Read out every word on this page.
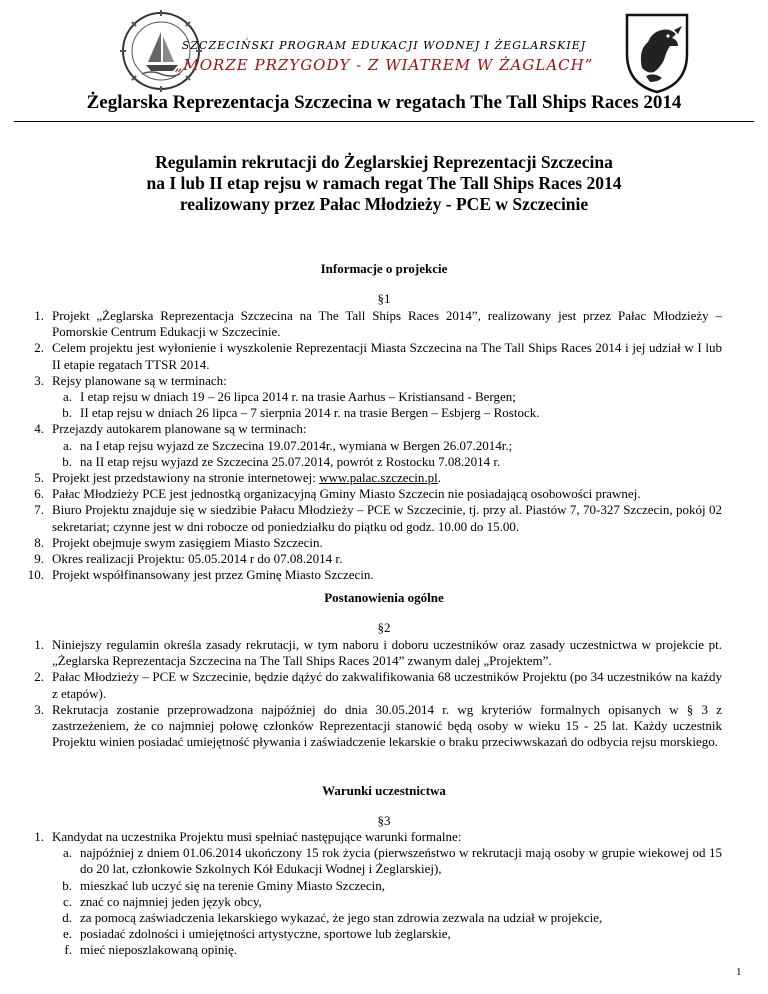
SZCZECIŃSKI PROGRAM EDUKACJI WODNEJ I ŻEGLARSKIEJ
„MORZE PRZYGODY - Z WIATREM W ŻAGLACH”
Żeglarska Reprezentacja Szczecina w regatach The Tall Ships Races 2014
Regulamin rekrutacji do Żeglarskiej Reprezentacji Szczecina
na I lub II etap rejsu w ramach regat The Tall Ships Races 2014
realizowany przez Pałac Młodzieży - PCE w Szczecinie
Informacje o projekcie
§1
1. Projekt „Żeglarska Reprezentacja Szczecina na The Tall Ships Races 2014”, realizowany jest przez Pałac Młodzieży – Pomorskie Centrum Edukacji w Szczecinie.
2. Celem projektu jest wyłonienie i wyszkolenie Reprezentacji Miasta Szczecina na The Tall Ships Races 2014 i jej udział w I lub II etapie regatach TTSR 2014.
3. Rejsy planowane są w terminach:
a. I etap rejsu w dniach 19 – 26 lipca 2014 r. na trasie Aarhus – Kristiansand - Bergen;
b. II etap rejsu w dniach 26 lipca – 7 sierpnia 2014 r. na trasie Bergen – Esbjerg – Rostock.
4. Przejazdy autokarem planowane są w terminach:
a. na I etap rejsu wyjazd ze Szczecina 19.07.2014r., wymiana w Bergen 26.07.2014r.;
b. na II etap rejsu wyjazd ze Szczecina 25.07.2014, powrót z Rostocku 7.08.2014 r.
5. Projekt jest przedstawiony na stronie internetowej: www.palac.szczecin.pl.
6. Pałac Młodzieży PCE jest jednostką organizacyjną Gminy Miasto Szczecin nie posiadającą osobowości prawnej.
7. Biuro Projektu znajduje się w siedzibie Pałacu Młodzieży – PCE w Szczecinie, tj. przy al. Piastów 7, 70-327 Szczecin, pokój 02 sekretariat; czynne jest w dni robocze od poniedziałku do piątku od godz. 10.00 do 15.00.
8. Projekt obejmuje swym zasięgiem Miasto Szczecin.
9. Okres realizacji Projektu: 05.05.2014 r do 07.08.2014 r.
10. Projekt współfinansowany jest przez Gminę Miasto Szczecin.
Postanowienia ogólne
§2
1. Niniejszy regulamin określa zasady rekrutacji, w tym naboru i doboru uczestników oraz zasady uczestnictwa w projekcie pt. „Żeglarska Reprezentacja Szczecina na The Tall Ships Races 2014” zwanym dalej „Projektem”.
2. Pałac Młodzieży – PCE w Szczecinie, będzie dążyć do zakwalifikowania 68 uczestników Projektu (po 34 uczestników na każdy z etapów).
3. Rekrutacja zostanie przeprowadzona najpóźniej do dnia 30.05.2014 r. wg kryteriów formalnych opisanych w § 3 z zastrzeżeniem, że co najmniej połowę członków Reprezentacji stanowić będą osoby w wieku 15 - 25 lat. Każdy uczestnik Projektu winien posiadać umiejętność pływania i zaświadczenie lekarskie o braku przeciwwskazań do odbycia rejsu morskiego.
Warunki uczestnictwa
§3
1. Kandydat na uczestnika Projektu musi spełniać następujące warunki formalne:
a. najpóźniej z dniem 01.06.2014 ukończony 15 rok życia (pierwszeństwo w rekrutacji mają osoby w grupie wiekowej od 15 do 20 lat, członkowie Szkolnych Kół Edukacji Wodnej i Żeglarskiej),
b. mieszkać lub uczyć się na terenie Gminy Miasto Szczecin,
c. znać co najmniej jeden język obcy,
d. za pomocą zaświadczenia lekarskiego wykazać, że jego stan zdrowia zezwala na udział w projekcie,
e. posiadać zdolności i umiejętności artystyczne, sportowe lub żeglarskie,
f. mieć nieposzlakowaną opinię.
1
